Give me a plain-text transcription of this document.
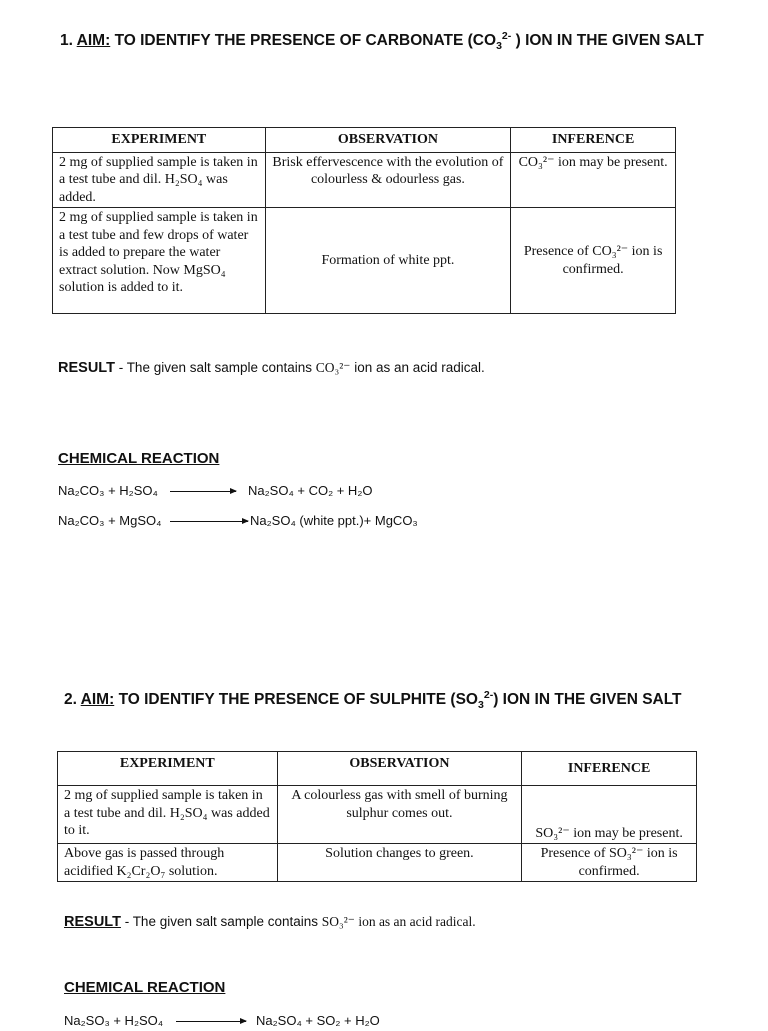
1. AIM: TO IDENTIFY THE PRESENCE OF CARBONATE ($CO_3^{2-}$ ) ION IN THE GIVEN SALT
EXPERIMENT	OBSERVATION	INFERENCE
2 mg of supplied sample is taken in a test tube and dil. H₂SO₄ was added.	Brisk effervescence with the evolution of colourless & odourless gas.	CO₃²⁻ ion may be present.
2 mg of supplied sample is taken in a test tube and few drops of water is added to prepare the water extract solution. Now MgSO₄ solution is added to it.	Formation of white ppt.	Presence of CO₃²⁻ ion is confirmed.
RESULT - The given salt sample contains CO₃²⁻ ion as an acid radical.
CHEMICAL REACTION
Na₂CO₃ + H₂SO₄	Na₂SO₄ + CO₂ + H₂O
Na₂CO₃ + MgSO₄	Na₂SO₄ (white ppt.)+ MgCO₃
2. AIM: TO IDENTIFY THE PRESENCE OF SULPHITE $(SO_3^{2-})$ ION IN THE GIVEN SALT
EXPERIMENT	OBSERVATION	INFERENCE
2 mg of supplied sample is taken in a test tube and dil. H₂SO₄ was added to it.	A colourless gas with smell of burning sulphur comes out.	SO₃²⁻ ion may be present.
Above gas is passed through acidified K₂Cr₂O₇ solution.	Solution changes to green.	Presence of SO₃²⁻ ion is confirmed.
RESULT - The given salt sample contains SO₃²⁻ ion as an acid radical.
CHEMICAL REACTION
Na₂SO₃ + H₂SO₄	Na₂SO₄ + SO₂ + H₂O
